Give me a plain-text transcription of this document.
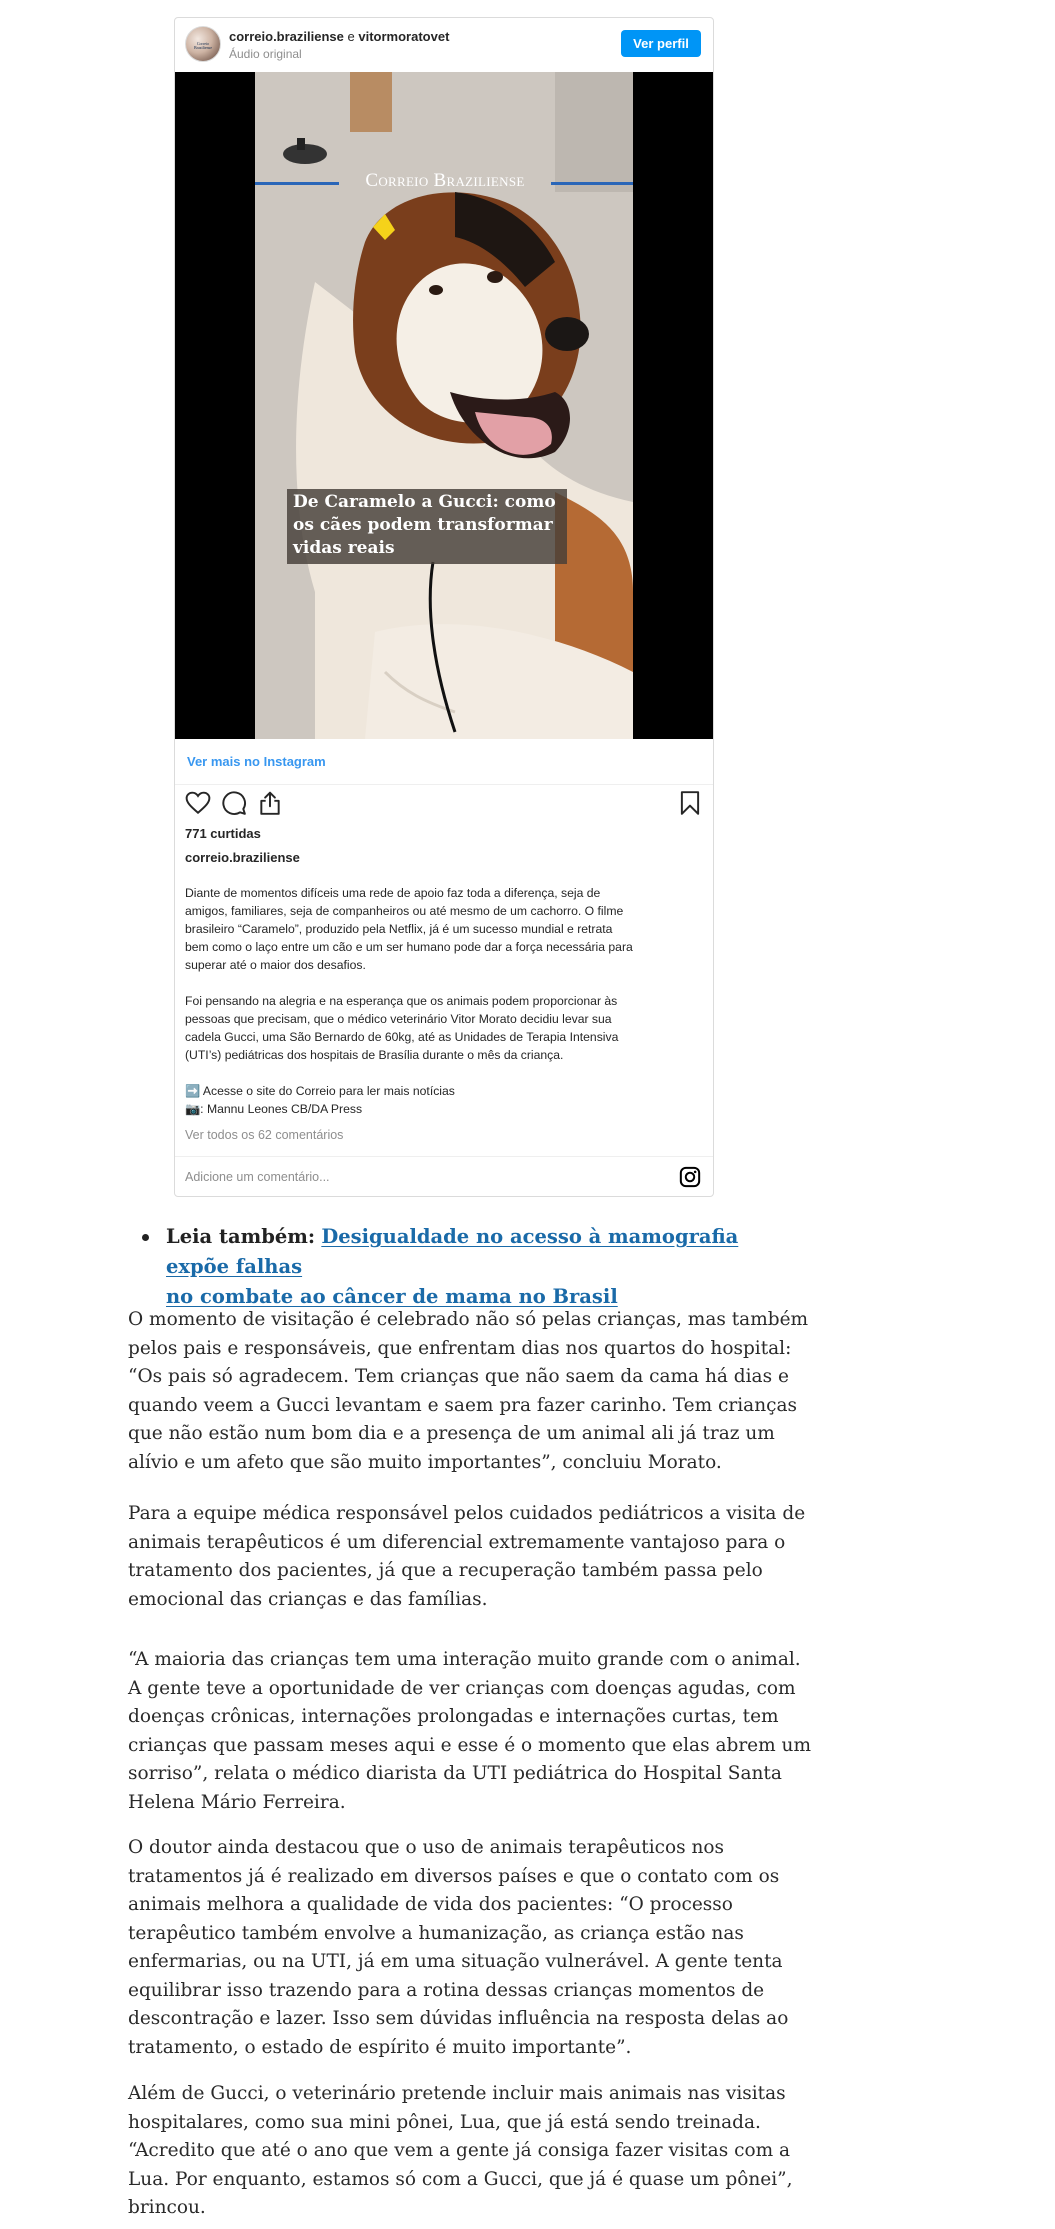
Correio Braziliense
correio.braziliense e vitormoratovet
Áudio original
Ver perfil
Correio Braziliense
De Caramelo a Gucci: como os cães podem transformar vidas reais
Ver mais no Instagram
771 curtidas
correio.braziliense

Diante de momentos difíceis uma rede de apoio faz toda a diferença, seja de
amigos, familiares, seja de companheiros ou até mesmo de um cachorro. O filme
brasileiro “Caramelo”, produzido pela Netflix, já é um sucesso mundial e retrata
bem como o laço entre um cão e um ser humano pode dar a força necessária para
superar até o maior dos desafios.

Foi pensando na alegria e na esperança que os animais podem proporcionar às
pessoas que precisam, que o médico veterinário Vitor Morato decidiu levar sua
cadela Gucci, uma São Bernardo de 60kg, até as Unidades de Terapia Intensiva
(UTI’s) pediátricas dos hospitais de Brasília durante o mês da criança.

➡️ Acesse o site do Correio para ler mais notícias
📷: Mannu Leones CB/DA Press

Ver todos os 62 comentários
Adicione um comentário...
Leia também: Desigualdade no acesso à mamografia expõe falhas
no combate ao câncer de mama no Brasil

O momento de visitação é celebrado não só pelas crianças, mas também
pelos pais e responsáveis, que enfrentam dias nos quartos do hospital:
“Os pais só agradecem. Tem crianças que não saem da cama há dias e
quando veem a Gucci levantam e saem pra fazer carinho. Tem crianças
que não estão num bom dia e a presença de um animal ali já traz um
alívio e um afeto que são muito importantes”, concluiu Morato.

Para a equipe médica responsável pelos cuidados pediátricos a visita de
animais terapêuticos é um diferencial extremamente vantajoso para o
tratamento dos pacientes, já que a recuperação também passa pelo
emocional das crianças e das famílias.

“A maioria das crianças tem uma interação muito grande com o animal.
A gente teve a oportunidade de ver crianças com doenças agudas, com
doenças crônicas, internações prolongadas e internações curtas, tem
crianças que passam meses aqui e esse é o momento que elas abrem um
sorriso”, relata o médico diarista da UTI pediátrica do Hospital Santa
Helena Mário Ferreira.

O doutor ainda destacou que o uso de animais terapêuticos nos
tratamentos já é realizado em diversos países e que o contato com os
animais melhora a qualidade de vida dos pacientes: “O processo
terapêutico também envolve a humanização, as criança estão nas
enfermarias, ou na UTI, já em uma situação vulnerável. A gente tenta
equilibrar isso trazendo para a rotina dessas crianças momentos de
descontração e lazer. Isso sem dúvidas influência na resposta delas ao
tratamento, o estado de espírito é muito importante”.

Além de Gucci, o veterinário pretende incluir mais animais nas visitas
hospitalares, como sua mini pônei, Lua, que já está sendo treinada.
“Acredito que até o ano que vem a gente já consiga fazer visitas com a
Lua. Por enquanto, estamos só com a Gucci, que já é quase um pônei”,
brincou.
